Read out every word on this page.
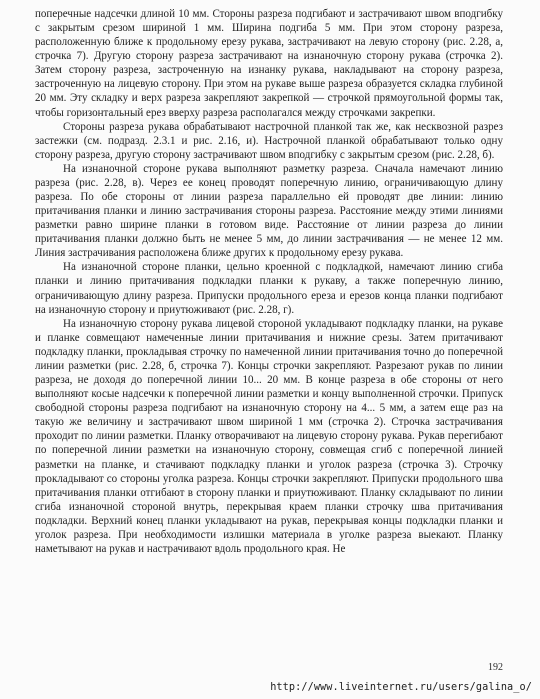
поперечные надсечки длиной 10 мм. Стороны разреза подгибают и застрачивают швом вподгибку с закрытым срезом шириной 1 мм. Ширина подгиба 5 мм. При этом сторону разреза, расположенную ближе к продольному ерезу рукава, застрачивают на левую сторону (рис. 2.28, а, строчка 7). Другую сторону разреза застрачивают на изнаночную сторону рукава (строчка 2). Затем сторону разреза, застроченную на изнанку рукава, накладывают на сторону разреза, застроченную на лицевую сторону. При этом на рукаве выше разреза образуется складка глубиной 20 мм. Эту складку и верх разреза закрепляют закрепкой — строчкой прямоугольной формы так, чтобы горизонтальный ерез вверху разреза располагался между строчками закрепки.

Стороны разреза рукава обрабатывают настрочной планкой так же, как несквозной разрез застежки (см. подразд. 2.3.1 и рис. 2.16, и). Настрочной планкой обрабатывают только одну сторону разреза, другую сторону застрачивают швом вподгибку с закрытым срезом (рис. 2.28, б).

На изнаночной стороне рукава выполняют разметку разреза. Сначала намечают линию разреза (рис. 2.28, в). Через ее конец проводят поперечную линию, ограничивающую длину разреза. По обе стороны от линии разреза параллельно ей проводят две линии: линию притачивания планки и линию застрачивания стороны разреза. Расстояние между этими линиями разметки равно ширине планки в готовом виде. Расстояние от линии разреза до линии притачивания планки должно быть не менее 5 мм, до линии застрачивания — не менее 12 мм. Линия застрачивания расположена ближе других к продольному ерезу рукава.

На изнаночной стороне планки, цельно кроенной с подкладкой, намечают линию сгиба планки и линию притачивания подкладки планки к рукаву, а также поперечную линию, ограничивающую длину разреза. Припуски продольного ереза и ерезов конца планки подгибают на изнаночную сторону и приутюживают (рис. 2.28, г).

На изнаночную сторону рукава лицевой стороной укладывают подкладку планки, на рукаве и планке совмещают намеченные линии притачивания и нижние срезы. Затем притачивают подкладку планки, прокладывая строчку по намеченной линии притачивания точно до поперечной линии разметки (рис. 2.28, б, строчка 7). Концы строчки закрепляют. Разрезают рукав по линии разреза, не доходя до поперечной линии 10... 20 мм. В конце разреза в обе стороны от него выполняют косые надсечки к поперечной линии разметки и концу выполненной строчки. Припуск свободной стороны разреза подгибают на изнаночную сторону на 4... 5 мм, а затем еще раз на такую же величину и застрачивают швом шириной 1 мм (строчка 2). Строчка застрачивания проходит по линии разметки. Планку отворачивают на лицевую сторону рукава. Рукав перегибают по поперечной линии разметки на изнаночную сторону, совмещая сгиб с поперечной линией разметки на планке, и стачивают подкладку планки и уголок разреза (строчка 3). Строчку прокладывают со стороны уголка разреза. Концы строчки закрепляют. Припуски продольного шва притачивания планки отгибают в сторону планки и приутюживают. Планку складывают по линии сгиба изнаночной стороной внутрь, перекрывая краем планки строчку шва притачивания подкладки. Верхний конец планки укладывают на рукав, перекрывая концы подкладки планки и уголок разреза. При необходимости излишки материала в уголке разреза выекают. Планку наметывают на рукав и настрачивают вдоль продольного края. Не

192
http://www.liveinternet.ru/users/galina_o/
